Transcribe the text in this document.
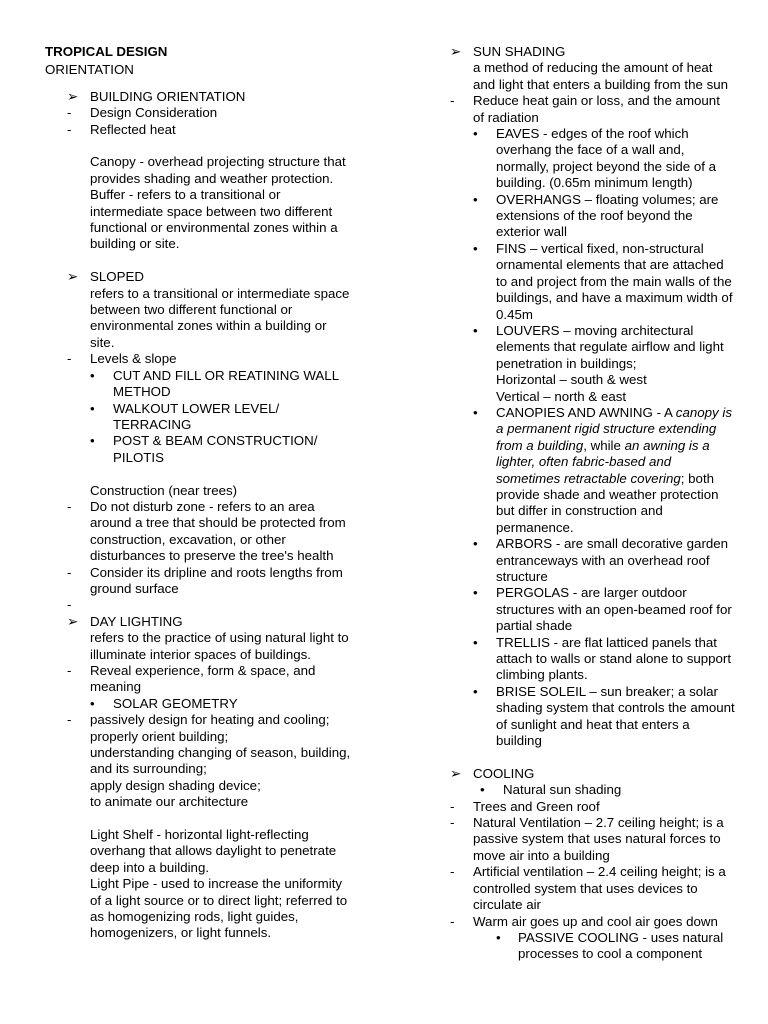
TROPICAL DESIGN
ORIENTATION
➢ BUILDING ORIENTATION
- Design Consideration
- Reflected heat
Canopy - overhead projecting structure that
provides shading and weather protection.
Buffer - refers to a transitional or
intermediate space between two different
functional or environmental zones within a
building or site.
➢ SLOPED
refers to a transitional or intermediate space
between two different functional or
environmental zones within a building or
site.
- Levels & slope
• CUT AND FILL OR REATINING WALL
METHOD
• WALKOUT LOWER LEVEL/
TERRACING
• POST & BEAM CONSTRUCTION/
PILOTIS
Construction (near trees)
- Do not disturb zone - refers to an area
around a tree that should be protected from
construction, excavation, or other
disturbances to preserve the tree's health
- Consider its dripline and roots lengths from
ground surface
-
➢ DAY LIGHTING
refers to the practice of using natural light to
illuminate interior spaces of buildings.
- Reveal experience, form & space, and
meaning
• SOLAR GEOMETRY
- passively design for heating and cooling;
properly orient building;
understanding changing of season, building,
and its surrounding;
apply design shading device;
to animate our architecture
Light Shelf - horizontal light-reflecting
overhang that allows daylight to penetrate
deep into a building.
Light Pipe - used to increase the uniformity
of a light source or to direct light; referred to
as homogenizing rods, light guides,
homogenizers, or light funnels.
➢ SUN SHADING
a method of reducing the amount of heat
and light that enters a building from the sun
- Reduce heat gain or loss, and the amount
of radiation
• EAVES - edges of the roof which
overhang the face of a wall and,
normally, project beyond the side of a
building. (0.65m minimum length)
• OVERHANGS – floating volumes; are
extensions of the roof beyond the
exterior wall
• FINS – vertical fixed, non-structural
ornamental elements that are attached
to and project from the main walls of the
buildings, and have a maximum width of
0.45m
• LOUVERS – moving architectural
elements that regulate airflow and light
penetration in buildings;
Horizontal – south & west
Vertical – north & east
• CANOPIES AND AWNING - A canopy is
a permanent rigid structure extending
from a building, while an awning is a
lighter, often fabric-based and
sometimes retractable covering; both
provide shade and weather protection
but differ in construction and
permanence.
• ARBORS - are small decorative garden
entranceways with an overhead roof
structure
• PERGOLAS - are larger outdoor
structures with an open-beamed roof for
partial shade
• TRELLIS - are flat latticed panels that
attach to walls or stand alone to support
climbing plants.
• BRISE SOLEIL – sun breaker; a solar
shading system that controls the amount
of sunlight and heat that enters a
building
➢ COOLING
• Natural sun shading
- Trees and Green roof
- Natural Ventilation – 2.7 ceiling height; is a
passive system that uses natural forces to
move air into a building
- Artificial ventilation – 2.4 ceiling height; is a
controlled system that uses devices to
circulate air
- Warm air goes up and cool air goes down
• PASSIVE COOLING - uses natural
processes to cool a component
